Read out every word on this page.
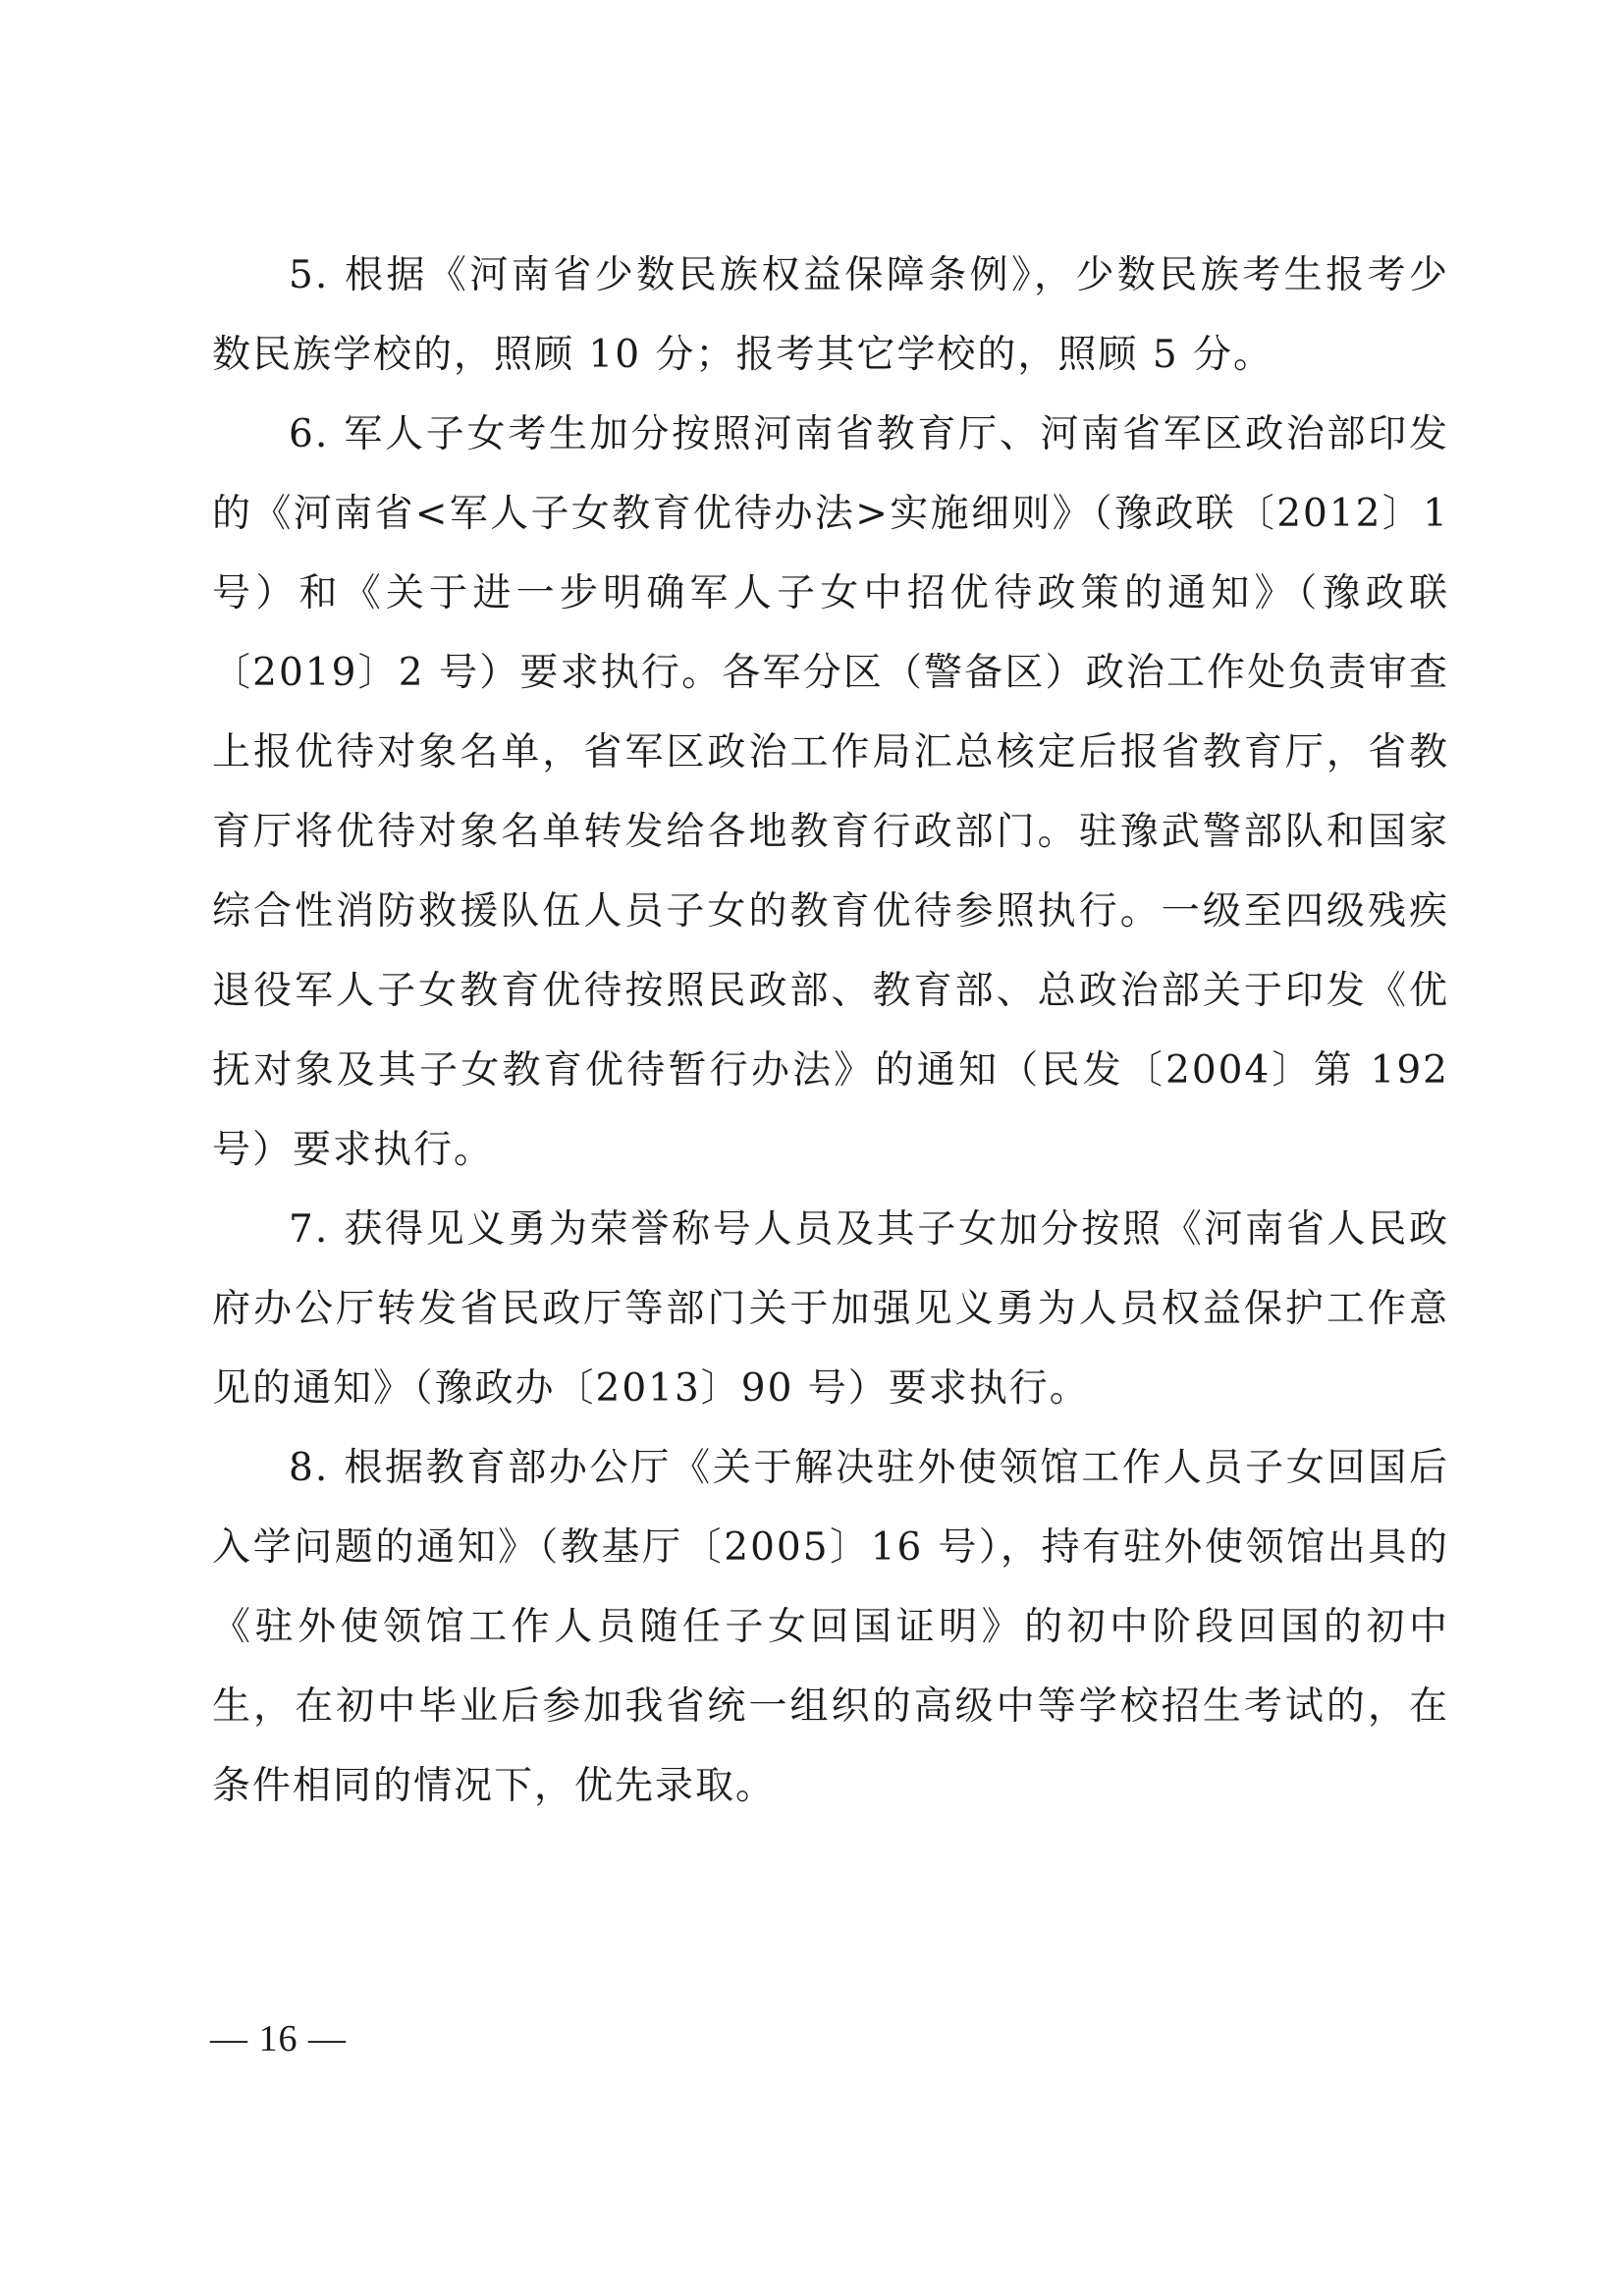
5. 根据《河南省少数民族权益保障条例》，少数民族考生报考少数民族学校的，照顾 10 分；报考其它学校的，照顾 5 分。

6. 军人子女考生加分按照河南省教育厅、河南省军区政治部印发的《河南省<军人子女教育优待办法>实施细则》（豫政联〔2012〕1 号）和《关于进一步明确军人子女中招优待政策的通知》（豫政联〔2019〕2 号）要求执行。各军分区（警备区）政治工作处负责审查上报优待对象名单，省军区政治工作局汇总核定后报省教育厅，省教育厅将优待对象名单转发给各地教育行政部门。驻豫武警部队和国家综合性消防救援队伍人员子女的教育优待参照执行。一级至四级残疾退役军人子女教育优待按照民政部、教育部、总政治部关于印发《优抚对象及其子女教育优待暂行办法》的通知（民发〔2004〕第 192 号）要求执行。

7. 获得见义勇为荣誉称号人员及其子女加分按照《河南省人民政府办公厅转发省民政厅等部门关于加强见义勇为人员权益保护工作意见的通知》（豫政办〔2013〕90 号）要求执行。

8. 根据教育部办公厅《关于解决驻外使领馆工作人员子女回国后入学问题的通知》（教基厅〔2005〕16 号），持有驻外使领馆出具的《驻外使领馆工作人员随任子女回国证明》的初中阶段回国的初中生，在初中毕业后参加我省统一组织的高级中等学校招生考试的，在条件相同的情况下，优先录取。

— 16 —
